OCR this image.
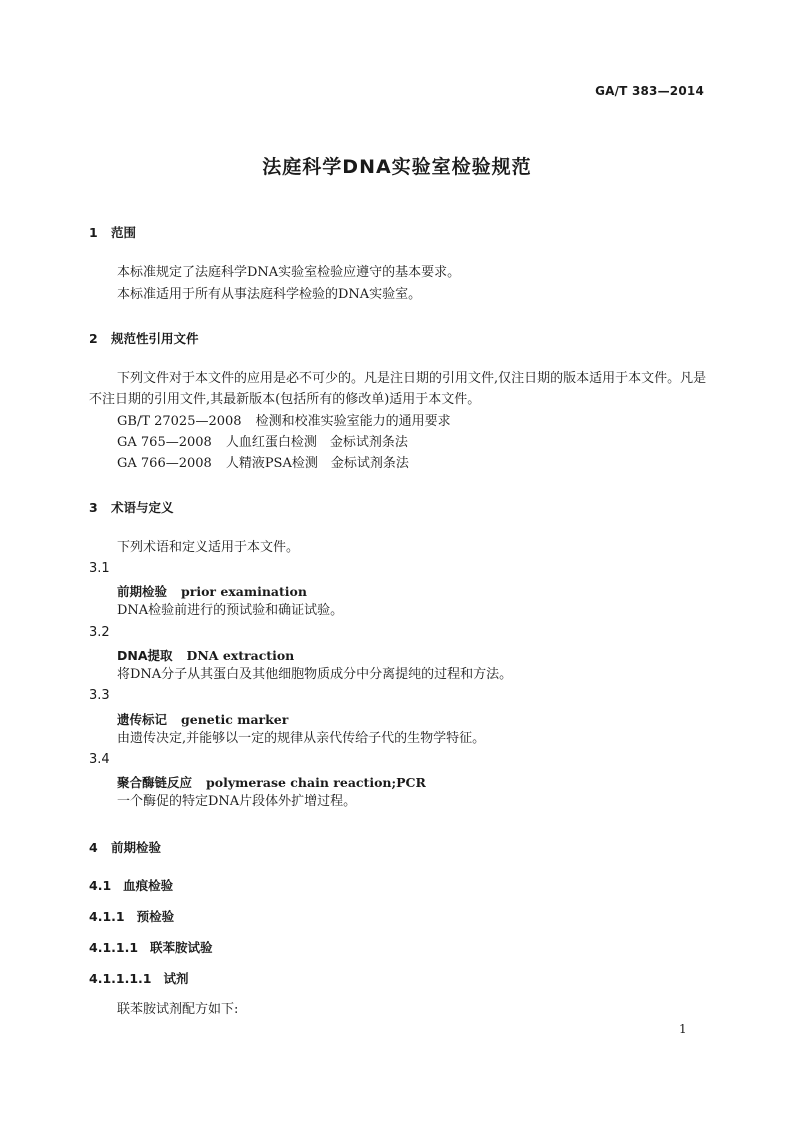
GA/T 383—2014
法庭科学DNA实验室检验规范
1 范围
本标准规定了法庭科学DNA实验室检验应遵守的基本要求。
本标准适用于所有从事法庭科学检验的DNA实验室。
2 规范性引用文件
下列文件对于本文件的应用是必不可少的。凡是注日期的引用文件,仅注日期的版本适用于本文件。凡是不注日期的引用文件,其最新版本(包括所有的修改单)适用于本文件。
GB/T 27025—2008 检测和校准实验室能力的通用要求
GA 765—2008 人血红蛋白检测　金标试剂条法
GA 766—2008 人精液PSA检测　金标试剂条法
3 术语与定义
下列术语和定义适用于本文件。
3.1
前期检验 prior examination
DNA检验前进行的预试验和确证试验。
3.2
DNA提取 DNA extraction
将DNA分子从其蛋白及其他细胞物质成分中分离提纯的过程和方法。
3.3
遗传标记 genetic marker
由遗传决定,并能够以一定的规律从亲代传给子代的生物学特征。
3.4
聚合酶链反应 polymerase chain reaction;PCR
一个酶促的特定DNA片段体外扩增过程。
4 前期检验
4.1 血痕检验
4.1.1 预检验
4.1.1.1 联苯胺试验
4.1.1.1.1 试剂
联苯胺试剂配方如下:
1
